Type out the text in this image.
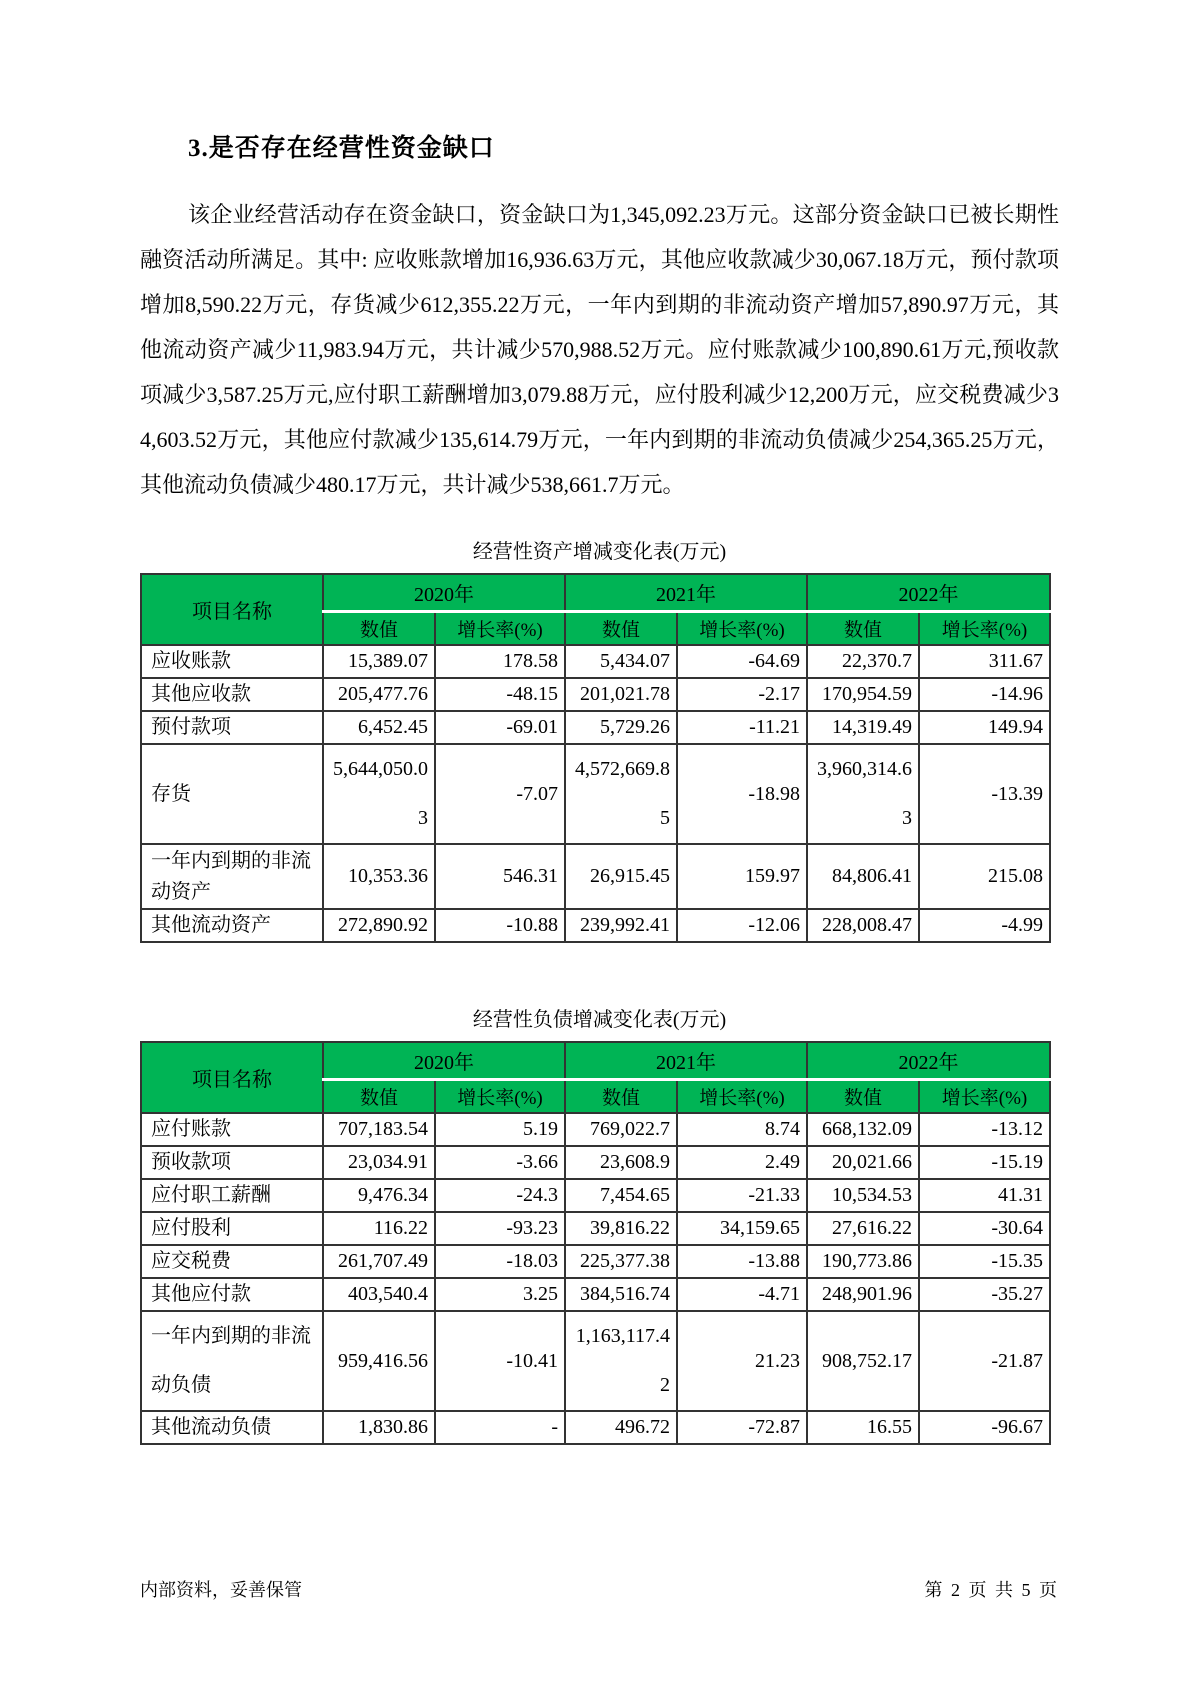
3.是否存在经营性资金缺口

该企业经营活动存在资金缺口，资金缺口为1,345,092.23万元。这部分资金缺口已被长期性融资活动所满足。其中: 应收账款增加16,936.63万元，其他应收款减少30,067.18万元，预付款项增加8,590.22万元，存货减少612,355.22万元，一年内到期的非流动资产增加57,890.97万元，其他流动资产减少11,983.94万元，共计减少570,988.52万元。应付账款减少100,890.61万元,预收款项减少3,587.25万元,应付职工薪酬增加3,079.88万元，应付股利减少12,200万元，应交税费减少34,603.52万元，其他应付款减少135,614.79万元，一年内到期的非流动负债减少254,365.25万元，其他流动负债减少480.17万元，共计减少538,661.7万元。

经营性资产增减变化表(万元)
项目名称	2020年		2021年		2022年	
	数值	增长率(%)	数值	增长率(%)	数值	增长率(%)
应收账款	15,389.07	178.58	5,434.07	-64.69	22,370.7	311.67
其他应收款	205,477.76	-48.15	201,021.78	-2.17	170,954.59	-14.96
预付款项	6,452.45	-69.01	5,729.26	-11.21	14,319.49	149.94
存货	5,644,050.03	-7.07	4,572,669.85	-18.98	3,960,314.63	-13.39
一年内到期的非流动资产	10,353.36	546.31	26,915.45	159.97	84,806.41	215.08
其他流动资产	272,890.92	-10.88	239,992.41	-12.06	228,008.47	-4.99
经营性负债增减变化表(万元)
项目名称	2020年		2021年		2022年	
	数值	增长率(%)	数值	增长率(%)	数值	增长率(%)
应付账款	707,183.54	5.19	769,022.7	8.74	668,132.09	-13.12
预收款项	23,034.91	-3.66	23,608.9	2.49	20,021.66	-15.19
应付职工薪酬	9,476.34	-24.3	7,454.65	-21.33	10,534.53	41.31
应付股利	116.22	-93.23	39,816.22	34,159.65	27,616.22	-30.64
应交税费	261,707.49	-18.03	225,377.38	-13.88	190,773.86	-15.35
其他应付款	403,540.4	3.25	384,516.74	-4.71	248,901.96	-35.27
一年内到期的非流动负债	959,416.56	-10.41	1,163,117.42	21.23	908,752.17	-21.87
其他流动负债	1,830.86	-	496.72	-72.87	16.55	-96.67
内部资料，妥善保管	第 2 页 共 5 页
